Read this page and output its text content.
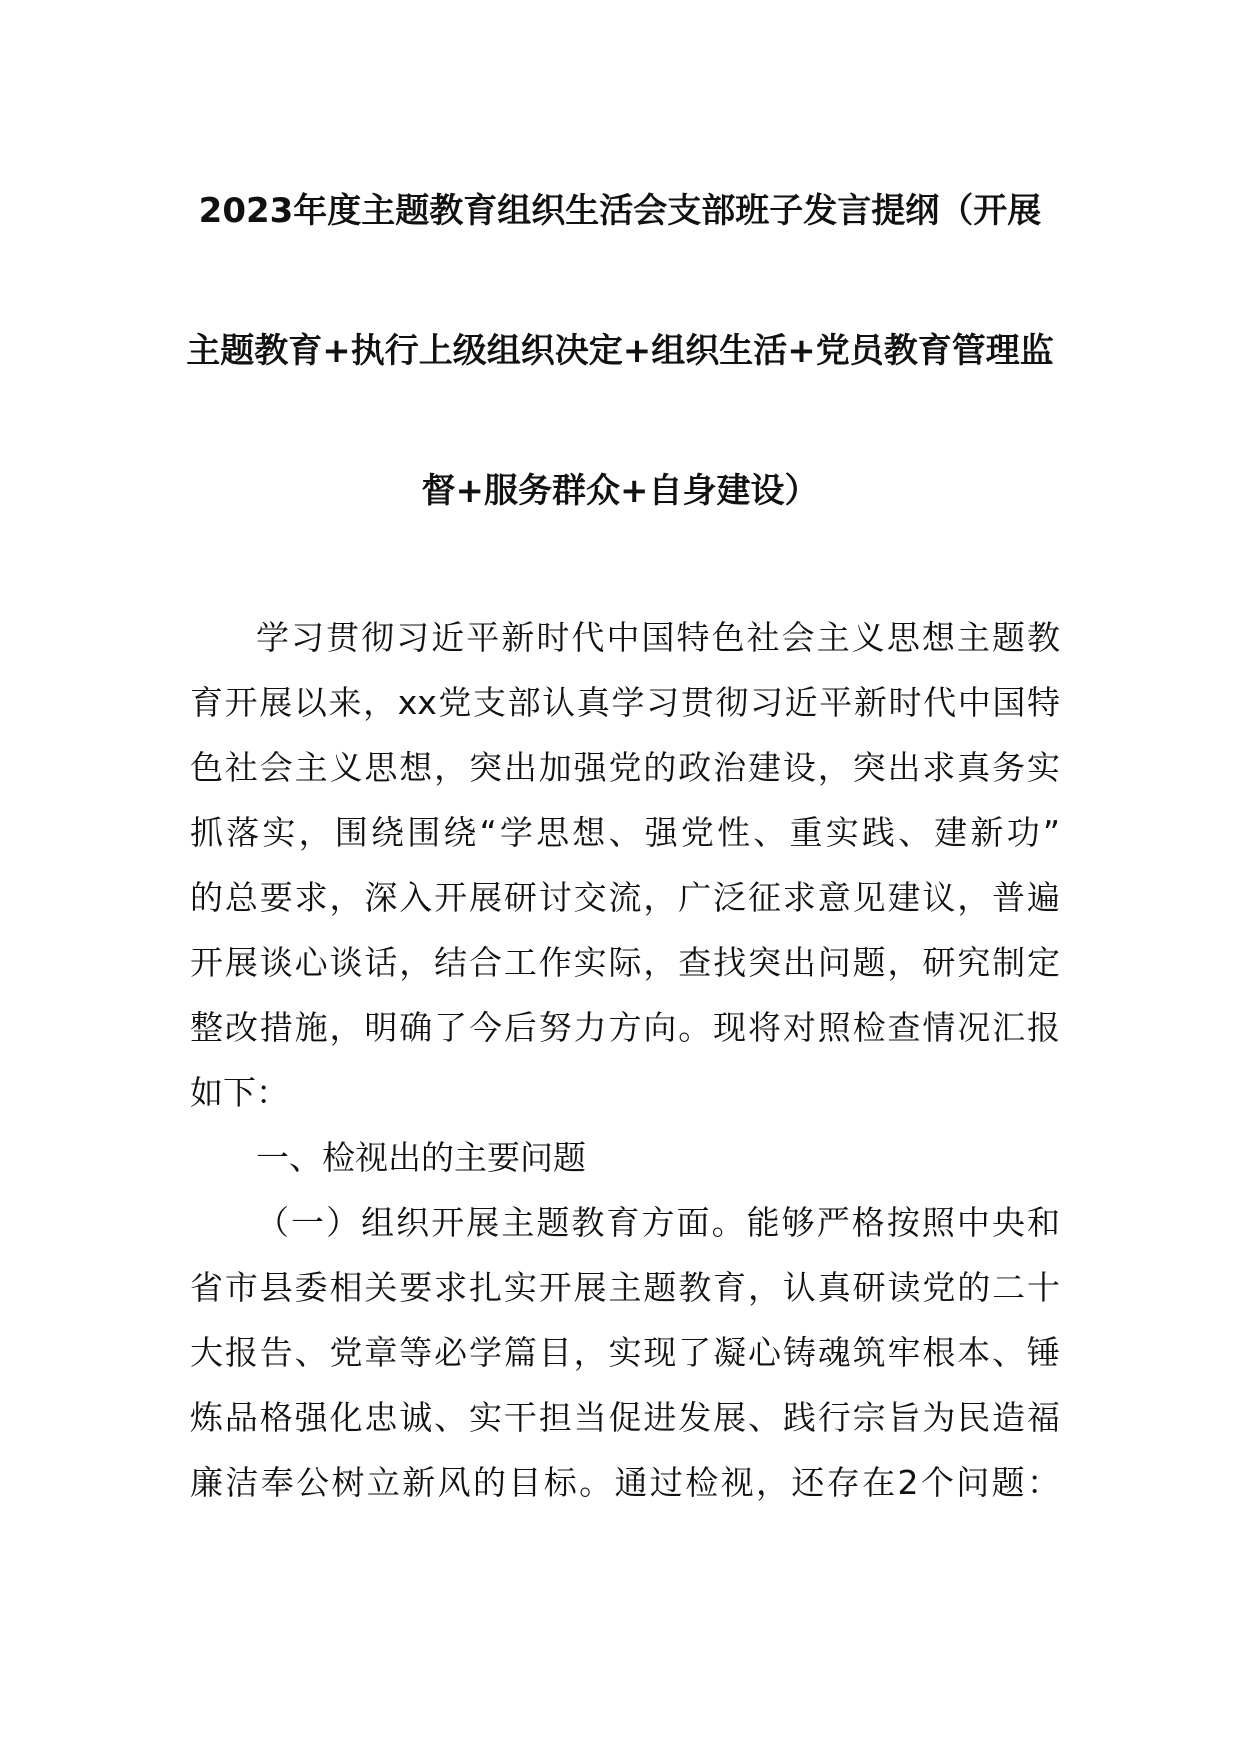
2023年度主题教育组织生活会支部班子发言提纲（开展
主题教育+执行上级组织决定+组织生活+党员教育管理监
督+服务群众+自身建设）
学习贯彻习近平新时代中国特色社会主义思想主题教
育开展以来，xx党支部认真学习贯彻习近平新时代中国特
色社会主义思想，突出加强党的政治建设，突出求真务实
抓落实，围绕围绕“学思想、强党性、重实践、建新功”
的总要求，深入开展研讨交流，广泛征求意见建议，普遍
开展谈心谈话，结合工作实际，查找突出问题，研究制定
整改措施，明确了今后努力方向。现将对照检查情况汇报
如下：
一、检视出的主要问题
（一）组织开展主题教育方面。能够严格按照中央和
省市县委相关要求扎实开展主题教育，认真研读党的二十
大报告、党章等必学篇目，实现了凝心铸魂筑牢根本、锤
炼品格强化忠诚、实干担当促进发展、践行宗旨为民造福
廉洁奉公树立新风的目标。通过检视，还存在2个问题：
